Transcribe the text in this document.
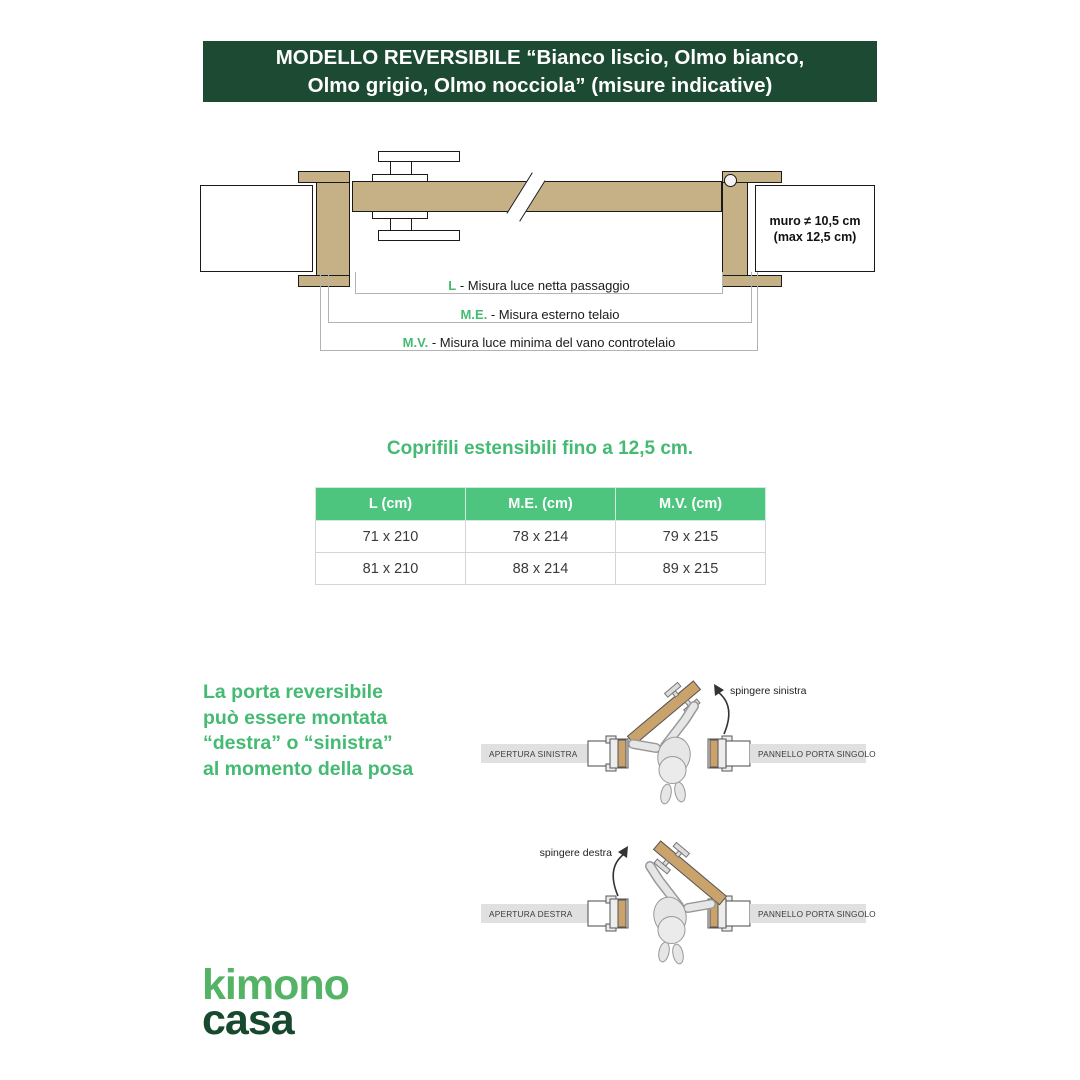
MODELLO REVERSIBILE “Bianco liscio, Olmo bianco,
Olmo grigio, Olmo nocciola” (misure indicative)
muro ≠ 10,5 cm
(max 12,5 cm)
L - Misura luce netta passaggio
M.E. - Misura esterno telaio
M.V. - Misura luce minima del vano controtelaio
Coprifili estensibili fino a 12,5 cm.
L (cm)	M.E. (cm)	M.V. (cm)
71 x 210	78 x 214	79 x 215
81 x 210	88 x 214	89 x 215
La porta reversibile
può essere montata
“destra” o “sinistra”
al momento della posa
APERTURA SINISTRA	PANNELLO PORTA SINGOLO
spingere sinistra
APERTURA DESTRA	PANNELLO PORTA SINGOLO
spingere destra
kimono
casa
